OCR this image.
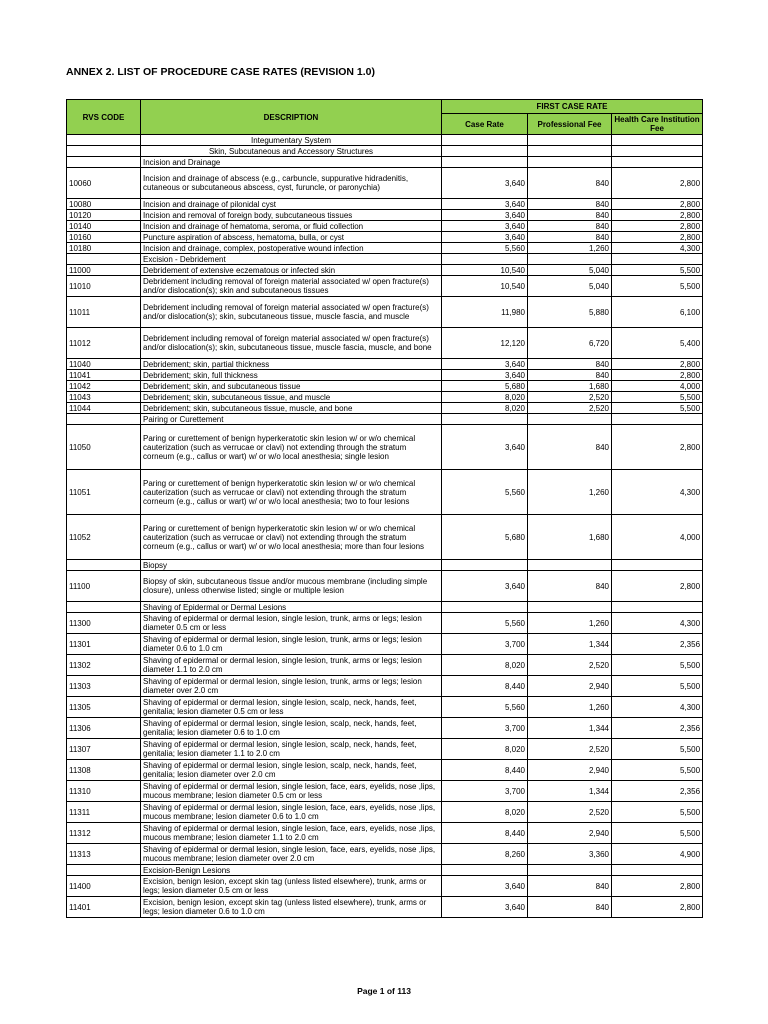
ANNEX 2. LIST OF PROCEDURE CASE RATES (REVISION 1.0)
RVS CODE	DESCRIPTION	FIRST CASE RATE		
		Case Rate	Professional Fee	Health Care Institution Fee
	Integumentary System			
	Skin, Subcutaneous and Accessory Structures			
	Incision and Drainage			
10060	Incision and drainage of abscess (e.g., carbuncle, suppurative hidradenitis, cutaneous or subcutaneous abscess, cyst, furuncle, or paronychia)	3,640	840	2,800
10080	Incision and drainage of pilonidal cyst	3,640	840	2,800
10120	Incision and removal of foreign body, subcutaneous tissues	3,640	840	2,800
10140	Incision and drainage of hematoma, seroma, or fluid collection	3,640	840	2,800
10160	Puncture aspiration of abscess, hematoma, bulla, or cyst	3,640	840	2,800
10180	Incision and drainage, complex, postoperative wound infection	5,560	1,260	4,300
	Excision - Debridement			
11000	Debridement of extensive eczematous or infected skin	10,540	5,040	5,500
11010	Debridement including removal of foreign material associated w/ open fracture(s) and/or dislocation(s); skin and subcutaneous tissues	10,540	5,040	5,500
11011	Debridement including removal of foreign material associated w/ open fracture(s) and/or dislocation(s); skin, subcutaneous tissue, muscle fascia, and muscle	11,980	5,880	6,100
11012	Debridement including removal of foreign material associated w/ open fracture(s) and/or dislocation(s); skin, subcutaneous tissue, muscle fascia, muscle, and bone	12,120	6,720	5,400
11040	Debridement; skin, partial thickness	3,640	840	2,800
11041	Debridement; skin, full thickness	3,640	840	2,800
11042	Debridement; skin, and subcutaneous tissue	5,680	1,680	4,000
11043	Debridement; skin, subcutaneous tissue, and muscle	8,020	2,520	5,500
11044	Debridement; skin, subcutaneous tissue, muscle, and bone	8,020	2,520	5,500
	Pairing or Curettement			
11050	Paring or curettement of benign hyperkeratotic skin lesion w/ or w/o chemical cauterization (such as verrucae or clavi) not extending through the stratum corneum (e.g., callus or wart) w/ or w/o local anesthesia; single lesion	3,640	840	2,800
11051	Paring or curettement of benign hyperkeratotic skin lesion w/ or w/o chemical cauterization (such as verrucae or clavi) not extending through the stratum corneum (e.g., callus or wart) w/ or w/o local anesthesia; two to four lesions	5,560	1,260	4,300
11052	Paring or curettement of benign hyperkeratotic skin lesion w/ or w/o chemical cauterization (such as verrucae or clavi) not extending through the stratum corneum (e.g., callus or wart) w/ or w/o local anesthesia; more than four lesions	5,680	1,680	4,000
	Biopsy			
11100	Biopsy of skin, subcutaneous tissue and/or mucous membrane (including simple closure), unless otherwise listed; single or multiple lesion	3,640	840	2,800
	Shaving of Epidermal or Dermal Lesions			
11300	Shaving of epidermal or dermal lesion, single lesion, trunk, arms or legs; lesion diameter 0.5 cm or less	5,560	1,260	4,300
11301	Shaving of epidermal or dermal lesion, single lesion, trunk, arms or legs; lesion diameter 0.6 to 1.0 cm	3,700	1,344	2,356
11302	Shaving of epidermal or dermal lesion, single lesion, trunk, arms or legs; lesion diameter 1.1 to 2.0 cm	8,020	2,520	5,500
11303	Shaving of epidermal or dermal lesion, single lesion, trunk, arms or legs; lesion diameter over 2.0 cm	8,440	2,940	5,500
11305	Shaving of epidermal or dermal lesion, single lesion, scalp, neck, hands, feet, genitalia; lesion diameter 0.5 cm or less	5,560	1,260	4,300
11306	Shaving of epidermal or dermal lesion, single lesion, scalp, neck, hands, feet, genitalia; lesion diameter 0.6 to 1.0 cm	3,700	1,344	2,356
11307	Shaving of epidermal or dermal lesion, single lesion, scalp, neck, hands, feet, genitalia; lesion diameter 1.1 to 2.0 cm	8,020	2,520	5,500
11308	Shaving of epidermal or dermal lesion, single lesion, scalp, neck, hands, feet, genitalia; lesion diameter over 2.0 cm	8,440	2,940	5,500
11310	Shaving of epidermal or dermal lesion, single lesion, face, ears, eyelids, nose ,lips, mucous membrane; lesion diameter 0.5 cm or less	3,700	1,344	2,356
11311	Shaving of epidermal or dermal lesion, single lesion, face, ears, eyelids, nose ,lips, mucous membrane; lesion diameter 0.6 to 1.0 cm	8,020	2,520	5,500
11312	Shaving of epidermal or dermal lesion, single lesion, face, ears, eyelids, nose ,lips, mucous membrane; lesion diameter 1.1 to 2.0 cm	8,440	2,940	5,500
11313	Shaving of epidermal or dermal lesion, single lesion, face, ears, eyelids, nose ,lips, mucous membrane; lesion diameter over 2.0 cm	8,260	3,360	4,900
	Excision-Benign Lesions			
11400	Excision, benign lesion, except skin tag (unless listed elsewhere), trunk, arms or legs; lesion diameter 0.5 cm or less	3,640	840	2,800
11401	Excision, benign lesion, except skin tag (unless listed elsewhere), trunk, arms or legs; lesion diameter 0.6 to 1.0 cm	3,640	840	2,800
Page 1 of 113
